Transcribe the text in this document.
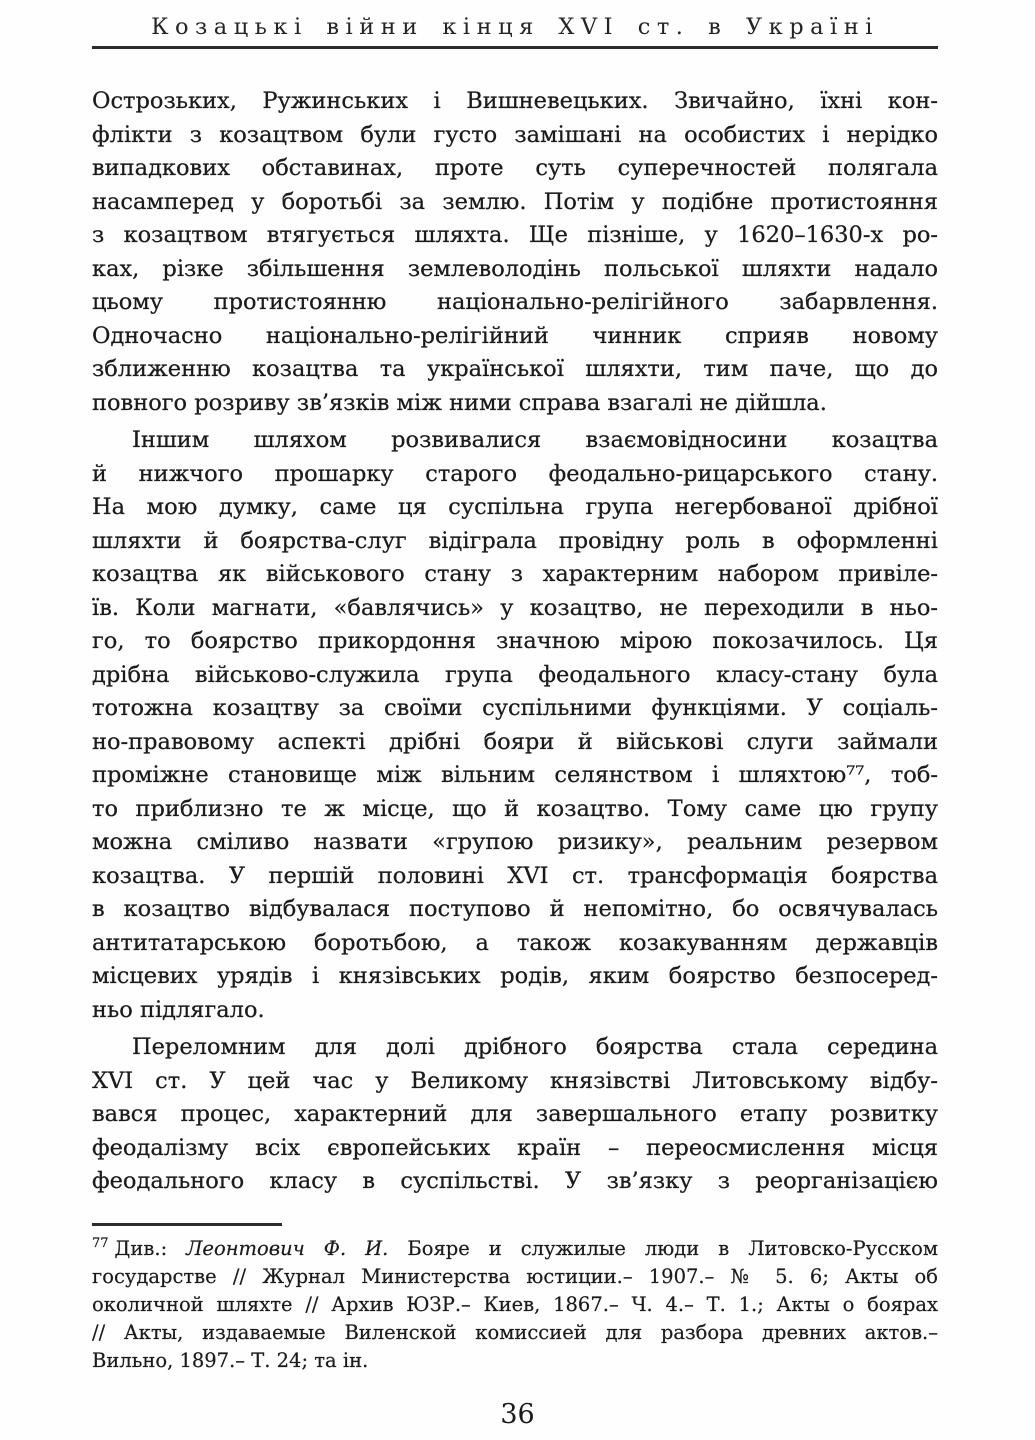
Козацькі війни кінця XVI ст. в Україні
Острозьких, Ружинських і Вишневецьких. Звичайно, їхні кон-
флікти з козацтвом були густо замішані на особистих і нерідко
випадкових обставинах, проте суть суперечностей полягала
насамперед у боротьбі за землю. Потім у подібне протистояння
з козацтвом втягується шляхта. Ще пізніше, у 1620–1630-х ро-
ках, різке збільшення землеволодінь польської шляхти надало
цьому протистоянню національно-релігійного забарвлення.
Одночасно національно-релігійний чинник сприяв новому
зближенню козацтва та української шляхти, тим паче, що до
повного розриву зв’язків між ними справа взагалі не дійшла.
Іншим шляхом розвивалися взаємовідносини козацтва
й нижчого прошарку старого феодально-рицарського стану.
На мою думку, саме ця суспільна група негербованої дрібної
шляхти й боярства-слуг відіграла провідну роль в оформленні
козацтва як військового стану з характерним набором привіле-
їв. Коли магнати, «бавлячись» у козацтво, не переходили в ньо-
го, то боярство прикордоння значною мірою покозачилось. Ця
дрібна військово-служила група феодального класу-стану була
тотожна козацтву за своїми суспільними функціями. У соціаль-
но-правовому аспекті дрібні бояри й військові слуги займали
проміжне становище між вільним селянством і шляхтою⁷⁷, тоб-
то приблизно те ж місце, що й козацтво. Тому саме цю групу
можна сміливо назвати «групою ризику», реальним резервом
козацтва. У першій половині XVI ст. трансформація боярства
в козацтво відбувалася поступово й непомітно, бо освячувалась
антитатарською боротьбою, а також козакуванням державців
місцевих урядів і князівських родів, яким боярство безпосеред-
ньо підлягало.
Переломним для долі дрібного боярства стала середина
XVI ст. У цей час у Великому князівстві Литовському відбу-
вався процес, характерний для завершального етапу розвитку
феодалізму всіх європейських країн – переосмислення місця
феодального класу в суспільстві. У зв’язку з реорганізацією
$^{77}$ Див.: Леонтович Ф. И. Бояре и служилые люди в Литовско-Русском
государстве // Журнал Министерства юстиции.– 1907.– № 5. 6; Акты об
околичной шляхте // Архив ЮЗР.– Киев, 1867.– Ч. 4.– Т. 1.; Акты о боярах
// Акты, издаваемые Виленской комиссией для разбора древних актов.–
Вильно, 1897.– Т. 24; та ін.
36
